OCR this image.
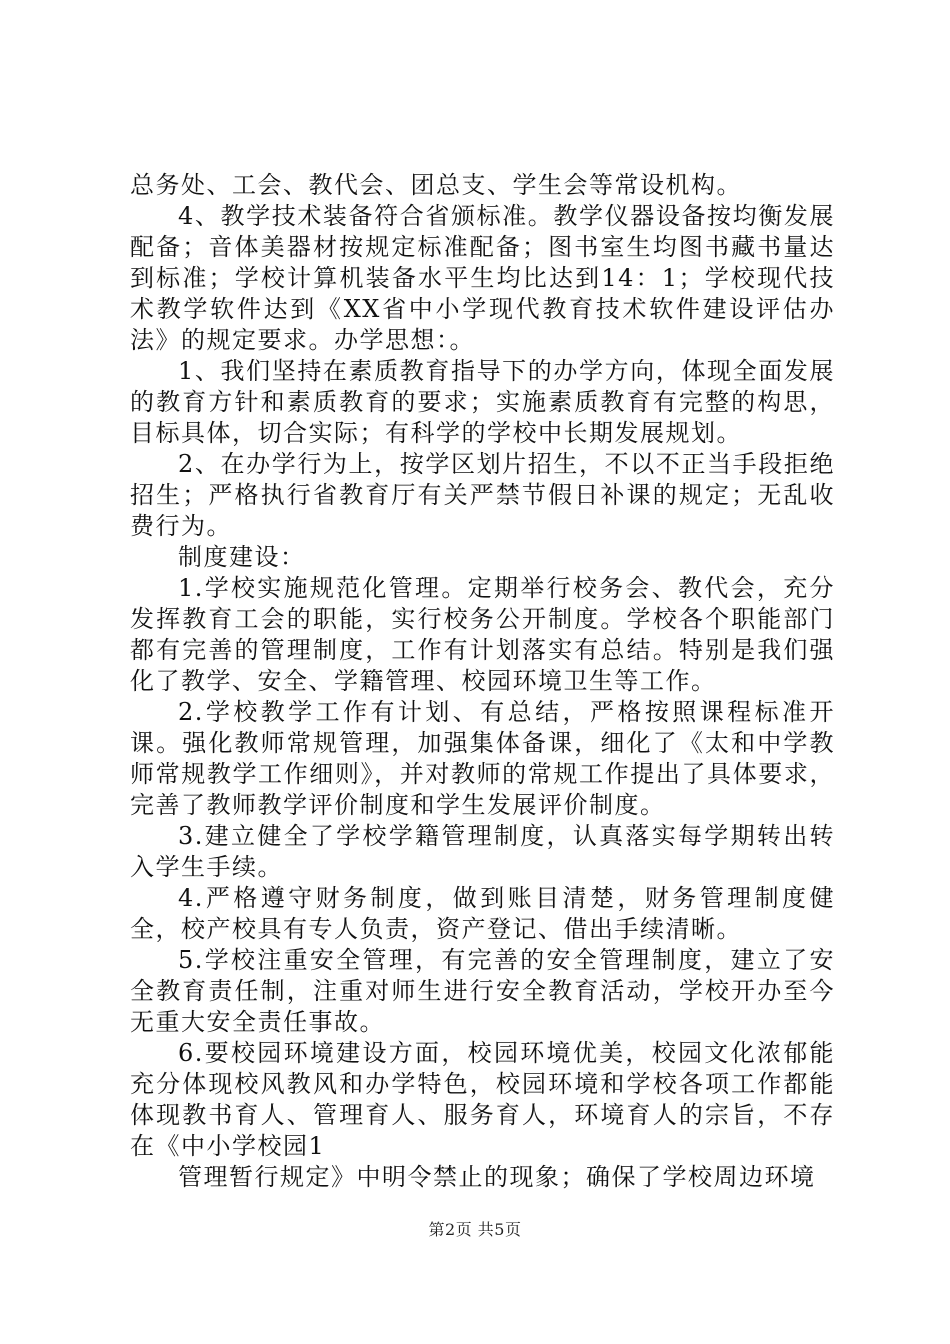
总务处、工会、教代会、团总支、学生会等常设机构。

4、教学技术装备符合省颁标准。教学仪器设备按均衡发展配备；音体美器材按规定标准配备；图书室生均图书藏书量达到标准；学校计算机装备水平生均比达到14：1；学校现代技术教学软件达到《XX省中小学现代教育技术软件建设评估办法》的规定要求。办学思想：。

1、我们坚持在素质教育指导下的办学方向，体现全面发展的教育方针和素质教育的要求；实施素质教育有完整的构思，目标具体，切合实际；有科学的学校中长期发展规划。

2、在办学行为上，按学区划片招生，不以不正当手段拒绝招生；严格执行省教育厅有关严禁节假日补课的规定；无乱收费行为。

制度建设：

1.学校实施规范化管理。定期举行校务会、教代会，充分发挥教育工会的职能，实行校务公开制度。学校各个职能部门都有完善的管理制度，工作有计划落实有总结。特别是我们强化了教学、安全、学籍管理、校园环境卫生等工作。

2.学校教学工作有计划、有总结，严格按照课程标准开课。强化教师常规管理，加强集体备课，细化了《太和中学教师常规教学工作细则》，并对教师的常规工作提出了具体要求，完善了教师教学评价制度和学生发展评价制度。

3.建立健全了学校学籍管理制度，认真落实每学期转出转入学生手续。

4.严格遵守财务制度，做到账目清楚，财务管理制度健全，校产校具有专人负责，资产登记、借出手续清晰。

5.学校注重安全管理，有完善的安全管理制度，建立了安全教育责任制，注重对师生进行安全教育活动，学校开办至今无重大安全责任事故。

6.要校园环境建设方面，校园环境优美，校园文化浓郁能充分体现校风教风和办学特色，校园环境和学校各项工作都能体现教书育人、管理育人、服务育人，环境育人的宗旨，不存在《中小学校园1

管理暂行规定》中明令禁止的现象；确保了学校周边环境

第2页 共5页
